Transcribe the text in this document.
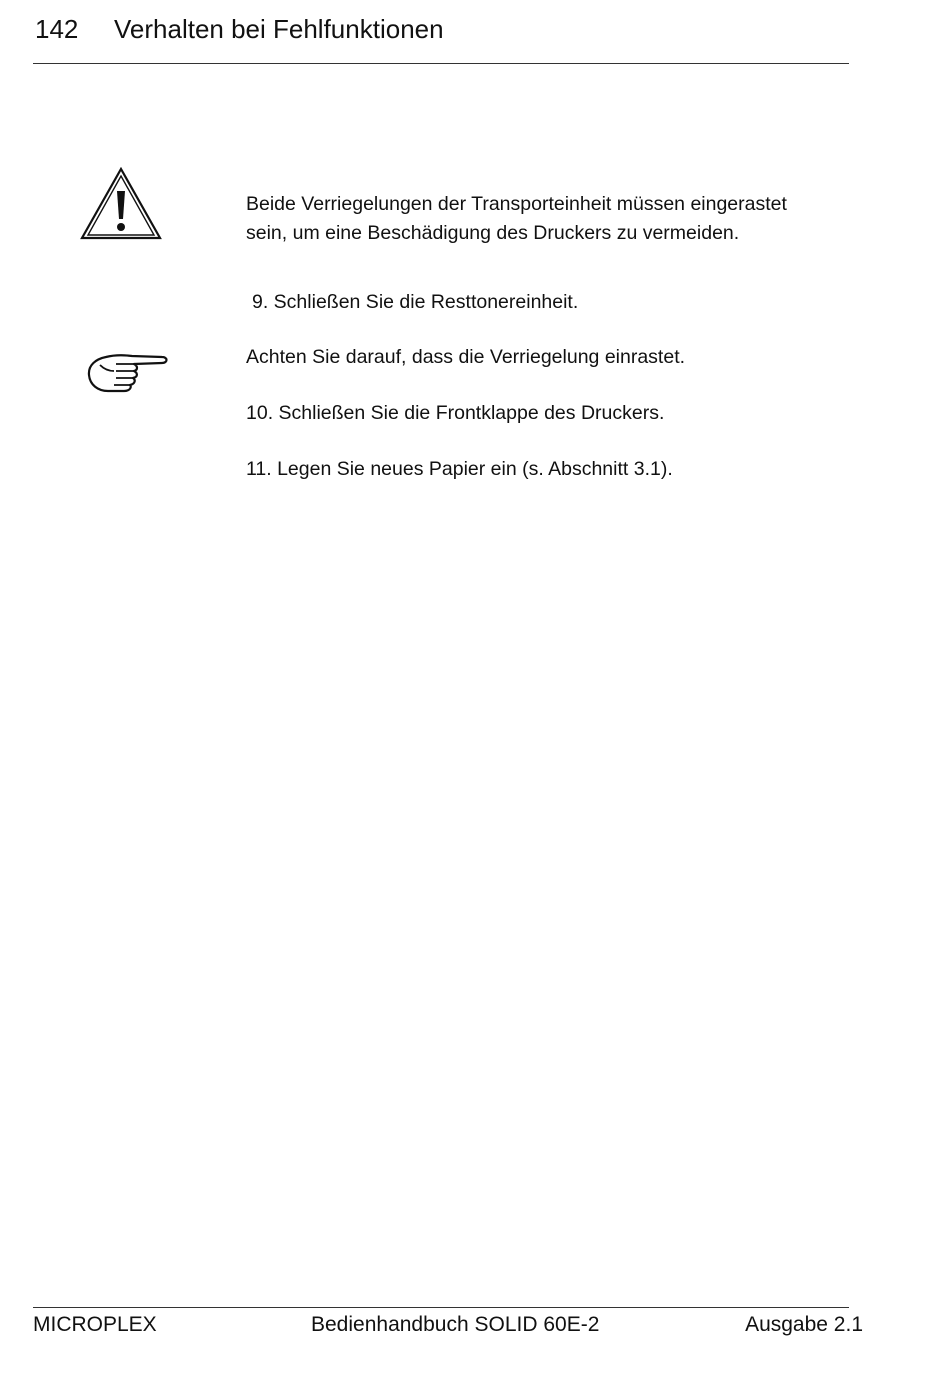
142 Verhalten bei Fehlfunktionen
Beide Verriegelungen der Transporteinheit müssen eingerastet
sein, um eine Beschädigung des Druckers zu vermeiden.
9. Schließen Sie die Resttonereinheit.
Achten Sie darauf, dass die Verriegelung einrastet.
10. Schließen Sie die Frontklappe des Druckers.
11. Legen Sie neues Papier ein (s. Abschnitt 3.1).
MICROPLEX	Bedienhandbuch SOLID 60E-2	Ausgabe 2.1
